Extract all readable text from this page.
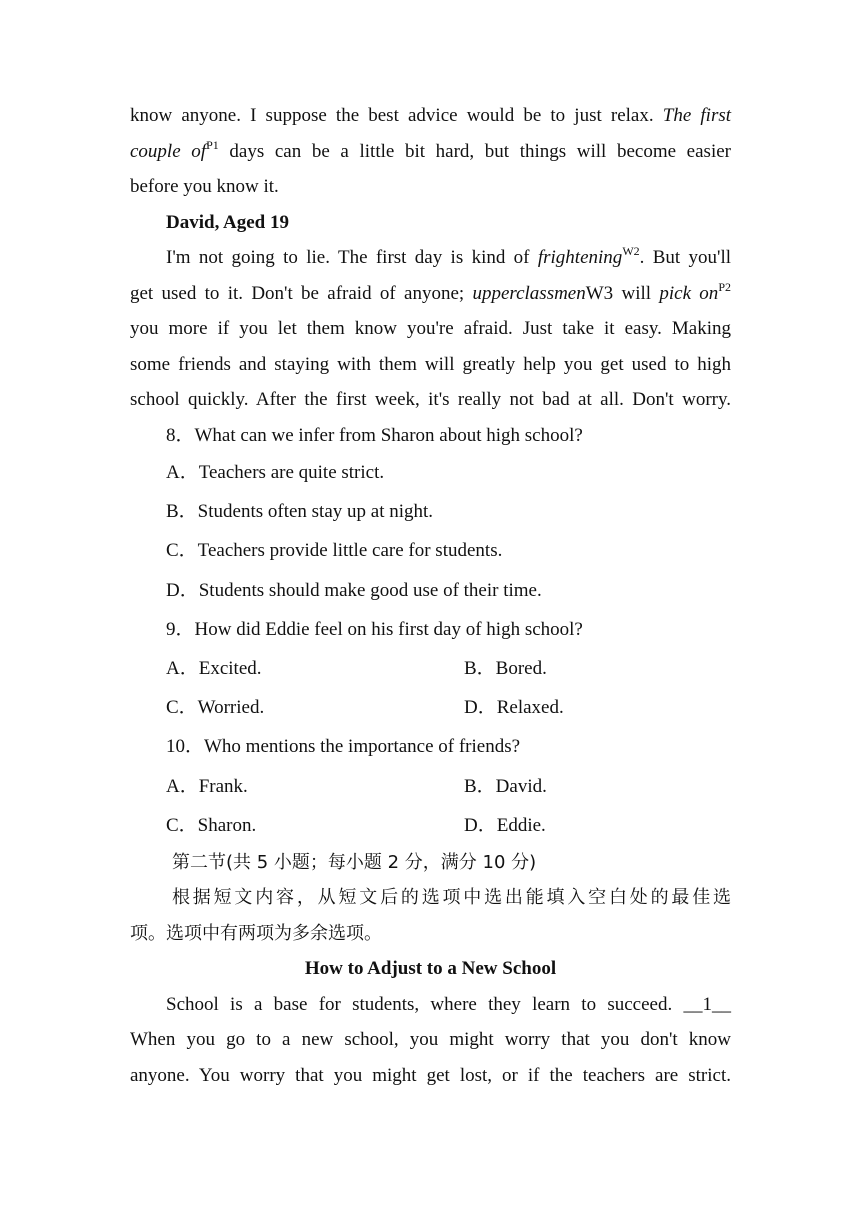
know anyone. I suppose the best advice would be to just relax. The first
couple $of^{P1}$ days can be a little bit hard, but things will become easier
before you know it.
David, Aged 19
I'm not going to lie. The first day is kind of frightening$^{W2}$. But you'll
get used to it. Don't be afraid of anyone; upperclassmenW3 will pick $on^{P2}$
you more if you let them know you're afraid. Just take it easy. Making
some friends and staying with them will greatly help you get used to high
school quickly. After the first week, it's really not bad at all. Don't worry.
8．What can we infer from Sharon about high school?
A．Teachers are quite strict.
B．Students often stay up at night.
C．Teachers provide little care for students.
D．Students should make good use of their time.
9．How did Eddie feel on his first day of high school?
A．Excited.	B．Bored.
C．Worried.	D．Relaxed.
10．Who mentions the importance of friends?
A．Frank.	B．David.
C．Sharon.	D．Eddie.
第二节(共 5 小题；每小题 2 分，满分 10 分)
根据短文内容，从短文后的选项中选出能填入空白处的最佳选
项。选项中有两项为多余选项。
How to Adjust to a New School
School is a base for students, where they learn to succeed. __1__
When you go to a new school, you might worry that you don't know
anyone. You worry that you might get lost, or if the teachers are strict.
